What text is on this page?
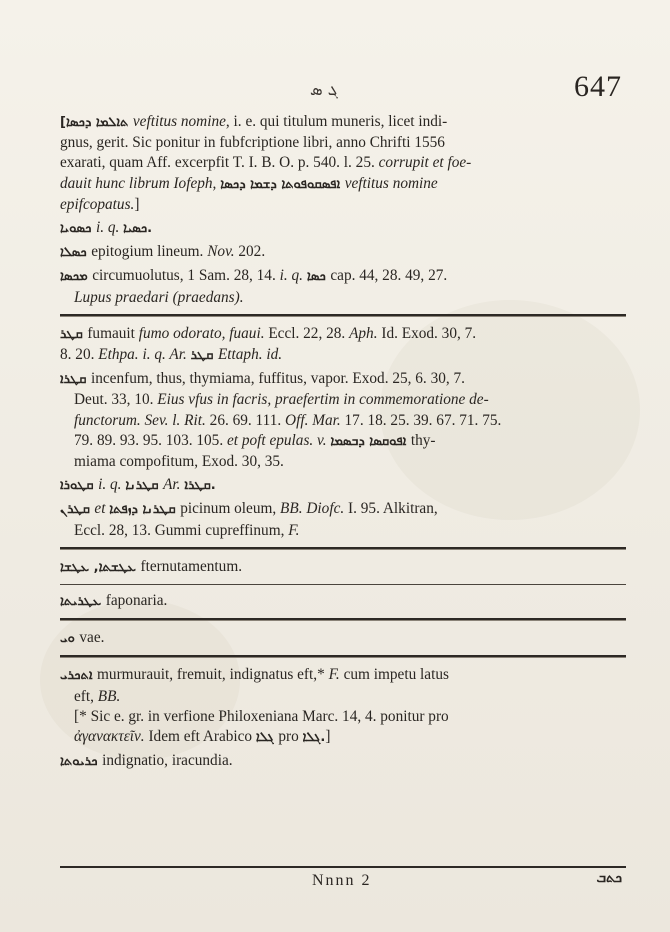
ܓ ܣ	647
[ܬܐܠܡܐ ܕܟܣܐ veftitus nomine, i. e. qui titulum muneris, licet indi-
gnus, gerit. Sic ponitur in fubfcriptione libri, anno Chrifti 1556
exarati, quam Aff. excerpfit T. I. B. O. p. 540. l. 25. corrupit et foe-
dauit hunc librum Iofeph, ܐܦܣܩܘܦܘܬܐ ܕܫܡܐ ܕܟܣܐ veftitus nomine
epifcopatus.]
ܟܣܘܝܐ i. q. ܟܣܝܐ.
ܟܣܠܐ epitogium lineum. Nov. 202.
ܡܟܣܐ circumuolutus, 1 Sam. 28, 14. i. q. ܟܣܐ cap. 44, 28. 49, 27.
Lupus praedari (praedans).
ܩܛܪ fumauit fumo odorato, fuaui. Eccl. 22, 28. Aph. Id. Exod. 30, 7.
8. 20. Ethpa. i. q. Ar. ܩܛܪ Ettaph. id.
ܩܛܪܐ incenfum, thus, thymiama, fuffitus, vapor. Exod. 25, 6. 30, 7.
Deut. 33, 10. Eius vfus in facris, praefertim in commemoratione de-
functorum. Sev. l. Rit. 26. 69. 111. Off. Mar. 17. 18. 25. 39. 67. 71. 75.
79. 89. 93. 95. 103. 105. et poft epulas. v. ܐܦܘܩܣܐ ܕܒܣܡܐ thy-
miama compofitum, Exod. 30, 35.
ܩܛܘܪܐ i. q. ܩܛܪܢܐ Ar. ܩܛܪܐ.
ܩܛܪܢ et ܩܛܪܢܐ ܕܙܦܬܐ picinum oleum, BB. Diofc. I. 95. Alkitran,
Eccl. 28, 13. Gummi cupreffinum, F.
ܥܛܫܬܐ, ܥܛܫܐ fternutamentum.
ܥܛܪܝܬܐ faponaria.
ܘܝ vae.
ܐܬܟܪܝ murmurauit, fremuit, indignatus eft,* F. cum impetu latus
eft, BB.
[* Sic e. gr. in verfione Philoxeniana Marc. 14, 4. ponitur pro
ἀγανακτεῖν. Idem eft Arabico ܓܠܐ pro ܓܠܐ.]
ܟܪܝܘܬܐ indignatio, iracundia.
Nnnn 2	ܟܬܒ
